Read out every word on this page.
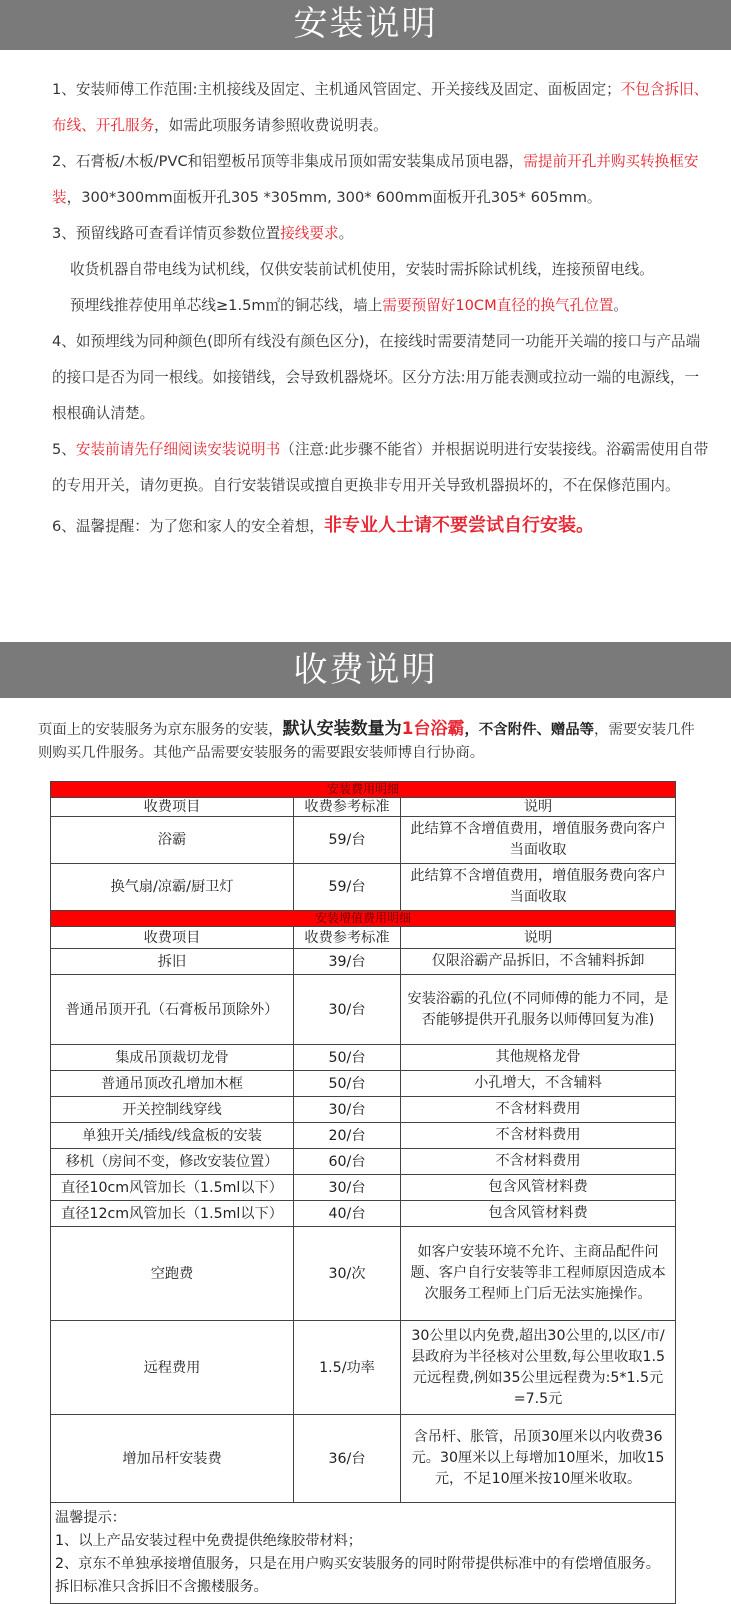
安装说明

1、安装师傅工作范围:主机接线及固定、主机通风管固定、开关接线及固定、面板固定；不包含拆旧、布线、开孔服务，如需此项服务请参照收费说明表。

2、石膏板/木板/PVC和铝塑板吊顶等非集成吊顶如需安装集成吊顶电器，需提前开孔并购买转换框安装，300*300mm面板开孔305 *305mm, 300* 600mm面板开孔305* 605mm。

3、预留线路可查看详情页参数位置接线要求。

收货机器自带电线为试机线，仅供安装前试机使用，安装时需拆除试机线，连接预留电线。

预埋线推荐使用单芯线≥1.5m㎡的铜芯线，墙上需要预留好10CM直径的换气孔位置。

4、如预埋线为同种颜色(即所有线没有颜色区分)，在接线时需要清楚同一功能开关端的接口与产品端的接口是否为同一根线。如接错线，会导致机器烧坏。区分方法:用万能表测或拉动一端的电源线，一根根确认清楚。

5、安装前请先仔细阅读安装说明书（注意:此步骤不能省）并根据说明进行安装接线。浴霸需使用自带的专用开关，请勿更换。自行安装错误或擅自更换非专用开关导致机器损坏的，不在保修范围内。

6、温馨提醒：为了您和家人的安全着想，非专业人士请不要尝试自行安装。

收费说明
页面上的安装服务为京东服务的安装，默认安装数量为1台浴霸，不含附件、赠品等，需要安装几件则购买几件服务。其他产品需要安装服务的需要跟安装师博自行协商。
安装费用明细		
收费项目	收费参考标准	说明
浴霸	59/台	此结算不含增值费用，增值服务费向客户当面收取
换气扇/凉霸/厨卫灯	59/台	此结算不含增值费用，增值服务费向客户当面收取
安装增值费用明细		
收费项目	收费参考标准	说明
拆旧	39/台	仅限浴霸产品拆旧，不含辅料拆卸
普通吊顶开孔（石膏板吊顶除外）	30/台	安装浴霸的孔位(不同师傅的能力不同，是否能够提供开孔服务以师傅回复为准)
集成吊顶裁切龙骨	50/台	其他规格龙骨
普通吊顶改孔增加木框	50/台	小孔增大，不含辅料
开关控制线穿线	30/台	不含材料费用
单独开关/插线/线盒板的安装	20/台	不含材料费用
移机（房间不变，修改安装位置）	60/台	不含材料费用
直径10cm风管加长（1.5ml以下）	30/台	包含风管材料费
直径12cm风管加长（1.5ml以下）	40/台	包含风管材料费
空跑费	30/次	如客户安装环境不允许、主商品配件问题、客户自行安装等非工程师原因造成本次服务工程师上门后无法实施操作。
远程费用	1.5/功率	30公里以内免费,超出30公里的,以区/市/县政府为半径核对公里数,每公里收取1.5元远程费,例如35公里远程费为:5*1.5元=7.5元
增加吊杆安装费	36/台	含吊杆、胀管，吊顶30厘米以内收费36元。30厘米以上每增加10厘米，加收15元，不足10厘米按10厘米收取。

温馨提示：
1、以上产品安装过程中免费提供绝缘胶带材料；
2、京东不单独承接增值服务，只是在用户购买安装服务的同时附带提供标准中的有偿增值服务。拆旧标准只含拆旧不含搬楼服务。		
